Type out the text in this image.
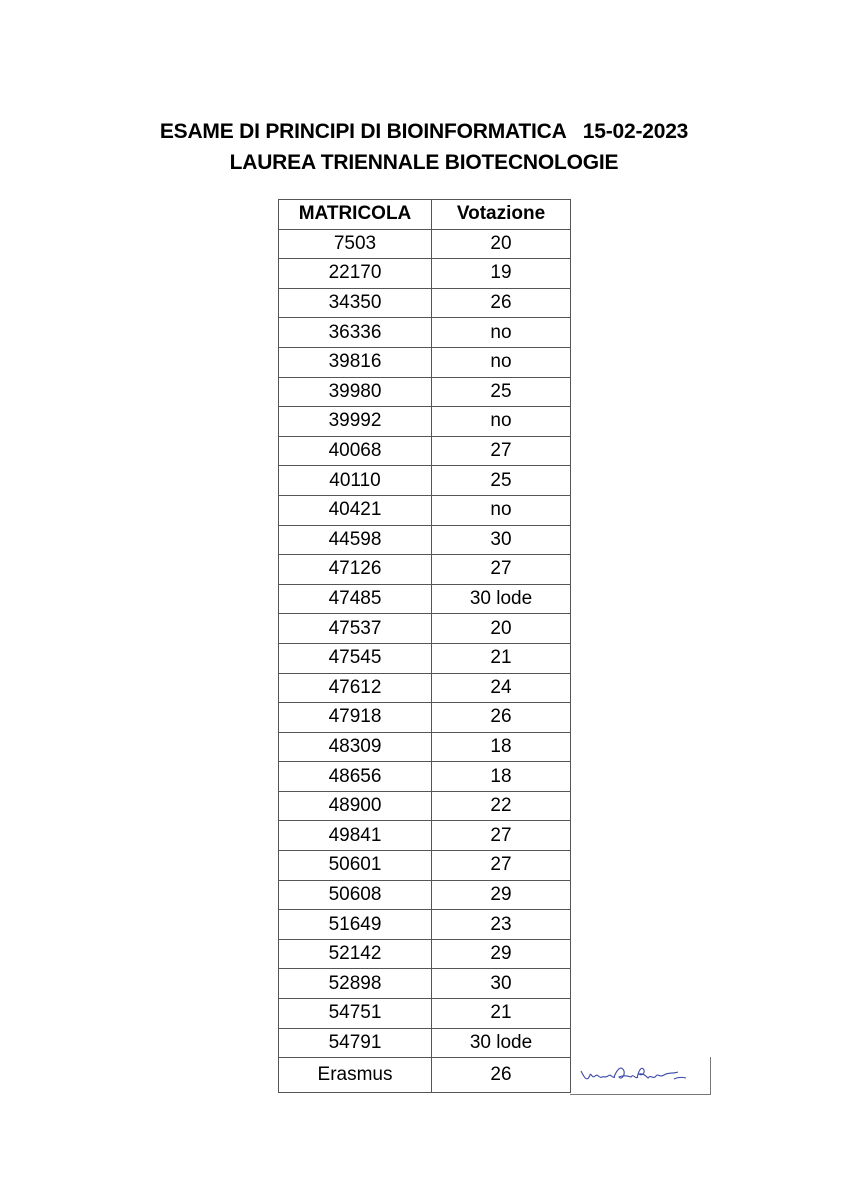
ESAME DI PRINCIPI DI BIOINFORMATICA   15-02-2023
LAUREA TRIENNALE BIOTECNOLOGIE
MATRICOLA	Votazione
7503	20
22170	19
34350	26
36336	no
39816	no
39980	25
39992	no
40068	27
40110	25
40421	no
44598	30
47126	27
47485	30 lode
47537	20
47545	21
47612	24
47918	26
48309	18
48656	18
48900	22
49841	27
50601	27
50608	29
51649	23
52142	29
52898	30
54751	21
54791	30 lode
Erasmus	26
